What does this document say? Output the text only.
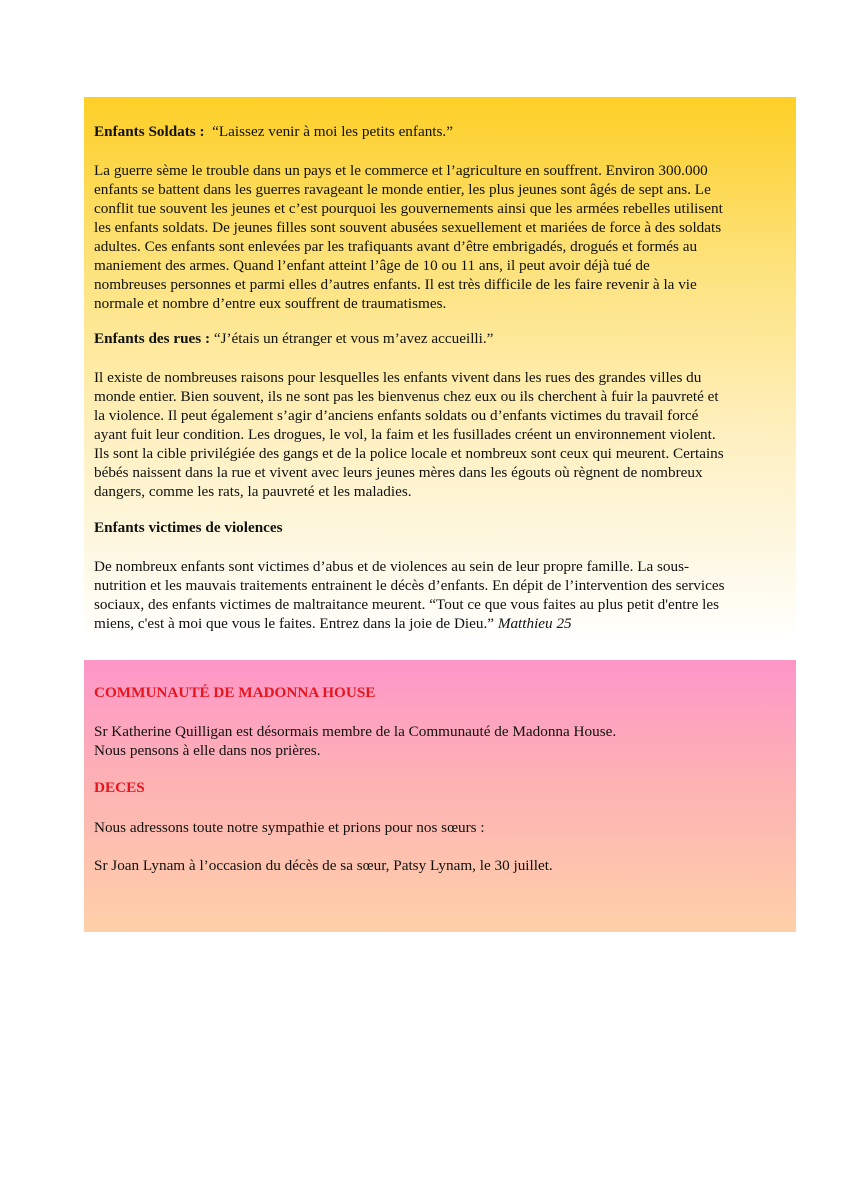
Enfants Soldats : “Laissez venir à moi les petits enfants.”

La guerre sème le trouble dans un pays et le commerce et l’agriculture en souffrent. Environ 300.000

enfants se battent dans les guerres ravageant le monde entier, les plus jeunes sont âgés de sept ans. Le

conflit tue souvent les jeunes et c’est pourquoi les gouvernements ainsi que les armées rebelles utilisent

les enfants soldats. De jeunes filles sont souvent abusées sexuellement et mariées de force à des soldats

adultes. Ces enfants sont enlevées par les trafiquants avant d’être embrigadés, drogués et formés au

maniement des armes. Quand l’enfant atteint l’âge de 10 ou 11 ans, il peut avoir déjà tué de

nombreuses personnes et parmi elles d’autres enfants. Il est très difficile de les faire revenir à la vie

normale et nombre d’entre eux souffrent de traumatismes.

Enfants des rues : “J’étais un étranger et vous m’avez accueilli.”

Il existe de nombreuses raisons pour lesquelles les enfants vivent dans les rues des grandes villes du

monde entier. Bien souvent, ils ne sont pas les bienvenus chez eux ou ils cherchent à fuir la pauvreté et

la violence. Il peut également s’agir d’anciens enfants soldats ou d’enfants victimes du travail forcé

ayant fuit leur condition. Les drogues, le vol, la faim et les fusillades créent un environnement violent.

Ils sont la cible privilégiée des gangs et de la police locale et nombreux sont ceux qui meurent. Certains

bébés naissent dans la rue et vivent avec leurs jeunes mères dans les égouts où règnent de nombreux

dangers, comme les rats, la pauvreté et les maladies.

Enfants victimes de violences

De nombreux enfants sont victimes d’abus et de violences au sein de leur propre famille. La sous-

nutrition et les mauvais traitements entrainent le décès d’enfants. En dépit de l’intervention des services

sociaux, des enfants victimes de maltraitance meurent. “Tout ce que vous faites au plus petit d'entre les

miens, c'est à moi que vous le faites. Entrez dans la joie de Dieu.” Matthieu 25

COMMUNAUTÉ DE MADONNA HOUSE

Sr Katherine Quilligan est désormais membre de la Communauté de Madonna House.

Nous pensons à elle dans nos prières.

DECES

Nous adressons toute notre sympathie et prions pour nos sœurs :

Sr Joan Lynam à l’occasion du décès de sa sœur, Patsy Lynam, le 30 juillet.
